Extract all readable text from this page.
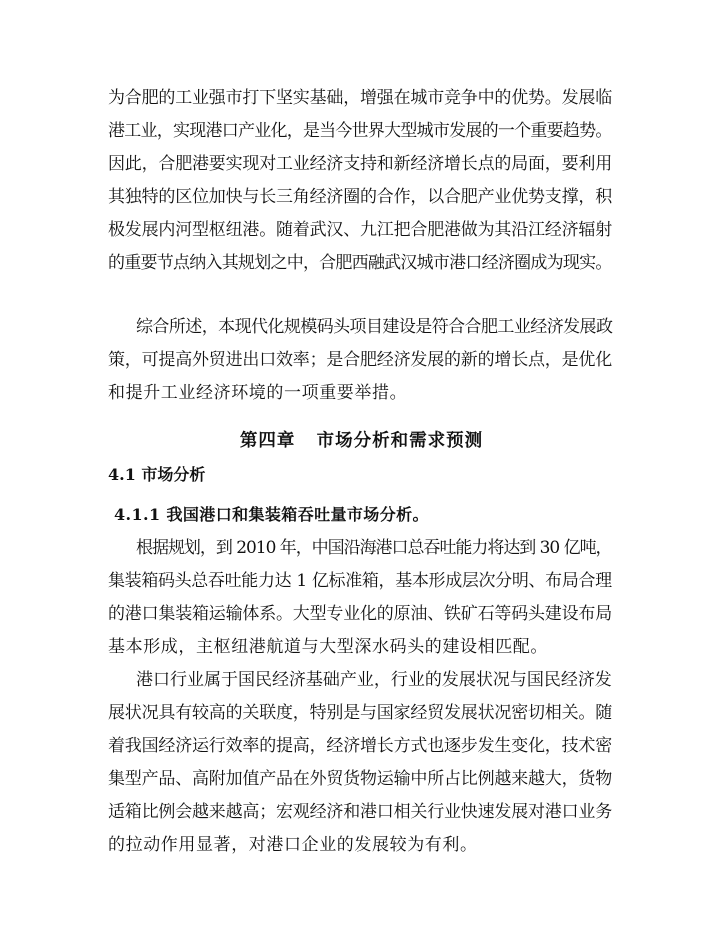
为合肥的工业强市打下坚实基础，增强在城市竞争中的优势。发展临
港工业，实现港口产业化，是当今世界大型城市发展的一个重要趋势。
因此，合肥港要实现对工业经济支持和新经济增长点的局面，要利用
其独特的区位加快与长三角经济圈的合作，以合肥产业优势支撑，积
极发展内河型枢纽港。随着武汉、九江把合肥港做为其沿江经济辐射
的重要节点纳入其规划之中，合肥西融武汉城市港口经济圈成为现实。
综合所述，本现代化规模码头项目建设是符合合肥工业经济发展政
策，可提高外贸进出口效率；是合肥经济发展的新的增长点，是优化
和提升工业经济环境的一项重要举措。
第四章   市场分析和需求预测
4.1 市场分析
4.1.1 我国港口和集装箱吞吐量市场分析。
根据规划，到 2010 年，中国沿海港口总吞吐能力将达到 30 亿吨，
集装箱码头总吞吐能力达 1 亿标准箱，基本形成层次分明、布局合理
的港口集装箱运输体系。大型专业化的原油、铁矿石等码头建设布局
基本形成，主枢纽港航道与大型深水码头的建设相匹配。
港口行业属于国民经济基础产业，行业的发展状况与国民经济发
展状况具有较高的关联度，特别是与国家经贸发展状况密切相关。随
着我国经济运行效率的提高，经济增长方式也逐步发生变化，技术密
集型产品、高附加值产品在外贸货物运输中所占比例越来越大，货物
适箱比例会越来越高；宏观经济和港口相关行业快速发展对港口业务
的拉动作用显著，对港口企业的发展较为有利。
